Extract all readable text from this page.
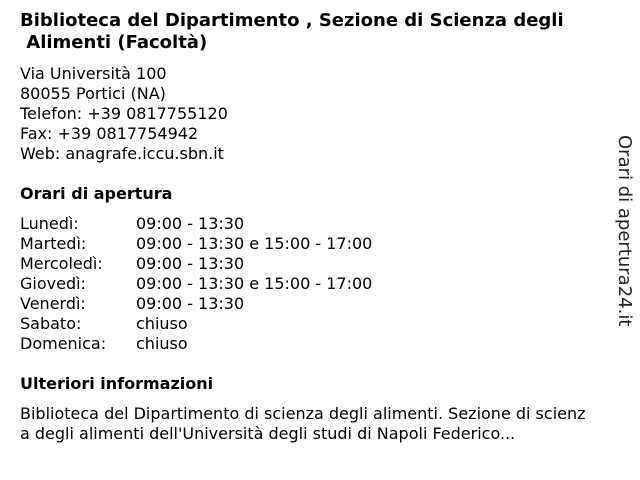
Biblioteca del Dipartimento , Sezione di Scienza degli
Alimenti (Facoltà)
Via Università 100
80055 Portici (NA)
Telefon: +39 0817755120
Fax: +39 0817754942
Web: anagrafe.iccu.sbn.it
Orari di apertura
Lunedì:	09:00 - 13:30
Martedì:	09:00 - 13:30 e 15:00 - 17:00
Mercoledì:	09:00 - 13:30
Giovedì:	09:00 - 13:30 e 15:00 - 17:00
Venerdì:	09:00 - 13:30
Sabato:	chiuso
Domenica:	chiuso
Ulteriori informazioni
Biblioteca del Dipartimento di scienza degli alimenti. Sezione di scienza degli alimenti dell'Università degli studi di Napoli Federico...
Orari di apertura24.it
